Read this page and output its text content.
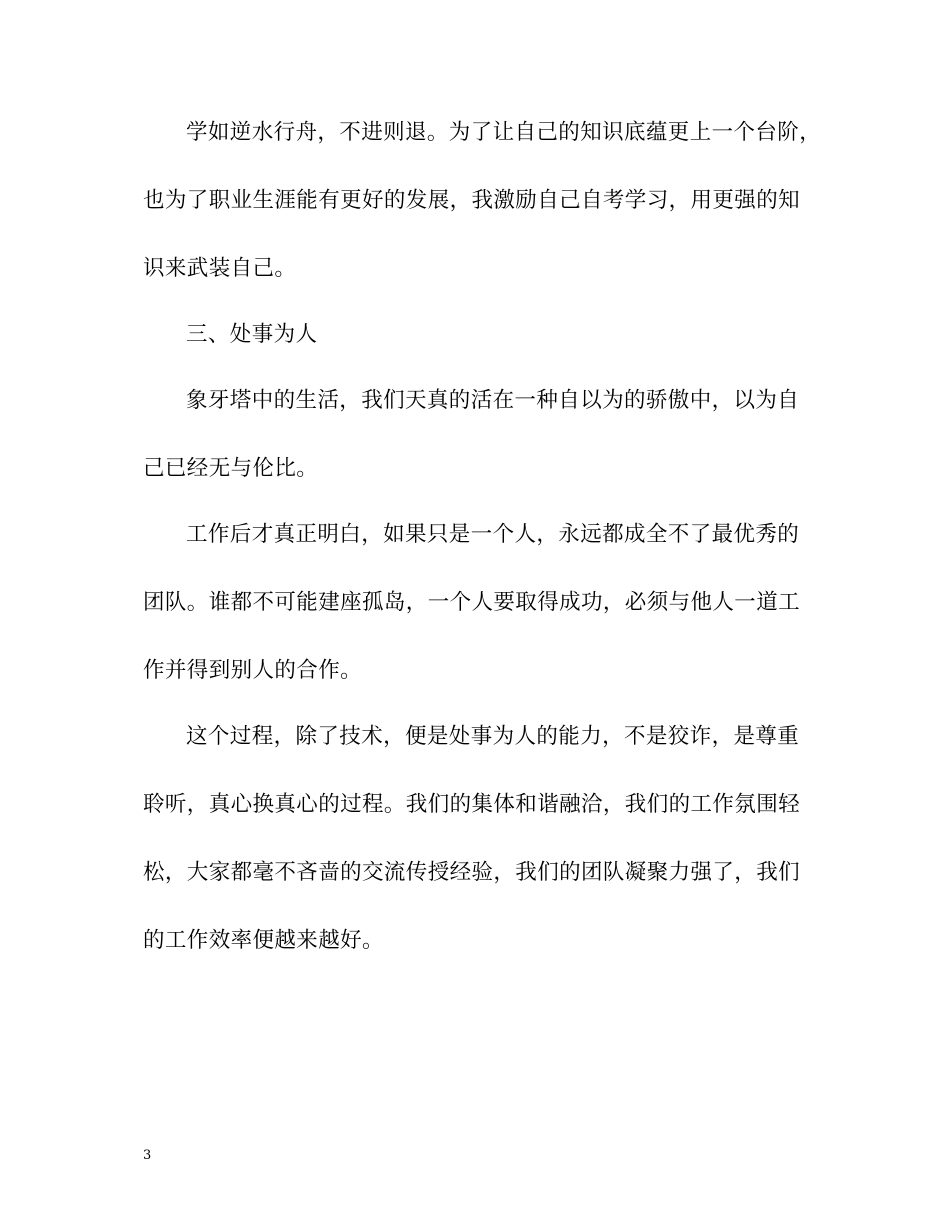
学如逆水行舟，不进则退。为了让自己的知识底蕴更上一个台阶，
也为了职业生涯能有更好的发展，我激励自己自考学习，用更强的知
识来武装自己。
三、处事为人
象牙塔中的生活，我们天真的活在一种自以为的骄傲中，以为自
己已经无与伦比。
工作后才真正明白，如果只是一个人，永远都成全不了最优秀的
团队。谁都不可能建座孤岛，一个人要取得成功，必须与他人一道工
作并得到别人的合作。
这个过程，除了技术，便是处事为人的能力，不是狡诈，是尊重
聆听，真心换真心的过程。我们的集体和谐融洽，我们的工作氛围轻
松，大家都毫不吝啬的交流传授经验，我们的团队凝聚力强了，我们
的工作效率便越来越好。
3
